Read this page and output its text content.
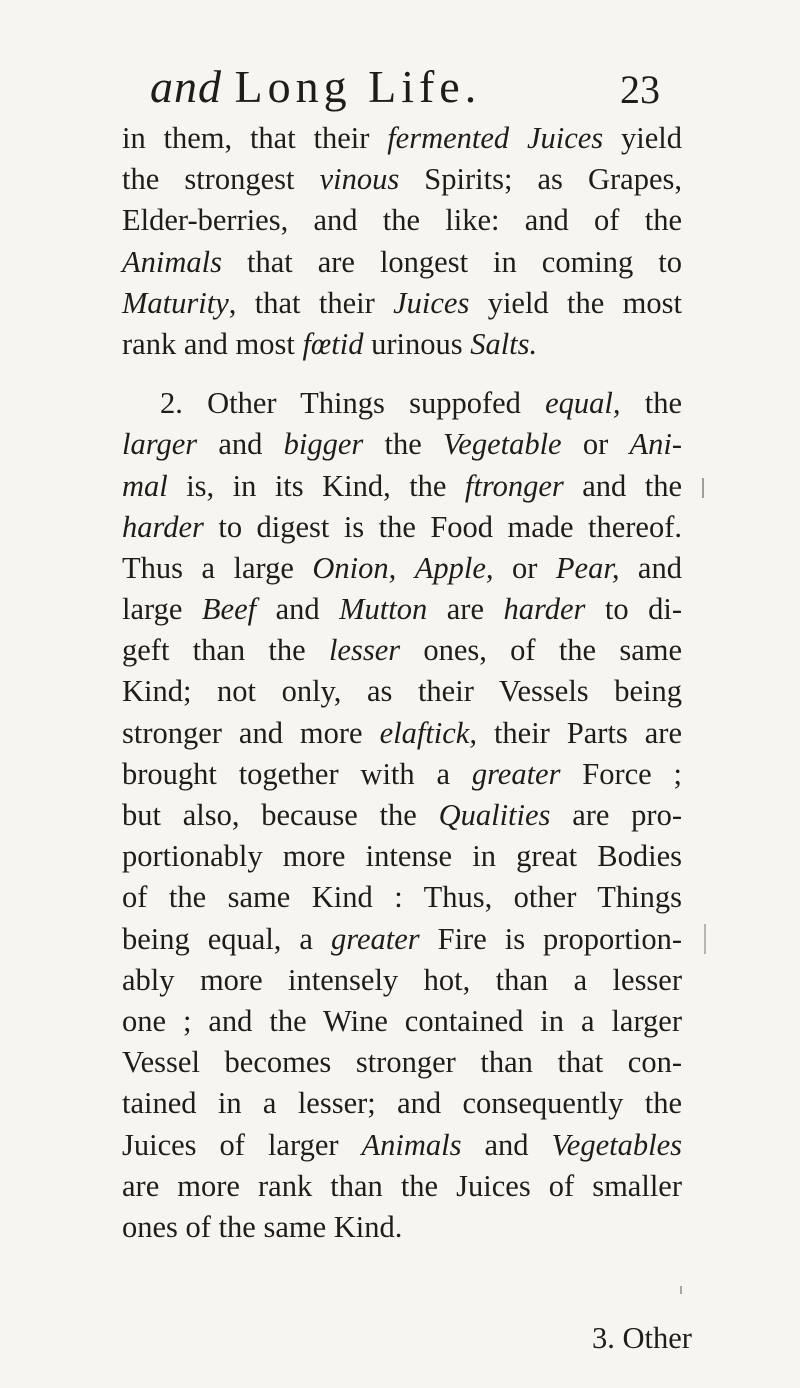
and Long Life.	23
in them, that their fermented Juices yield
the strongest vinous Spirits; as Grapes,
Elder-berries, and the like: and of the
Animals that are longest in coming to
Maturity, that their Juices yield the most
rank and most fœtid urinous Salts.
2. Other Things suppofed equal, the
larger and bigger the Vegetable or Ani-
mal is, in its Kind, the ftronger and the
harder to digest is the Food made thereof.
Thus a large Onion, Apple, or Pear, and
large Beef and Mutton are harder to di-
geft than the lesser ones, of the same
Kind; not only, as their Vessels being
stronger and more elaftick, their Parts are
brought together with a greater Force ;
but also, because the Qualities are pro-
portionably more intense in great Bodies
of the same Kind : Thus, other Things
being equal, a greater Fire is proportion-
ably more intensely hot, than a lesser
one ; and the Wine contained in a larger
Vessel becomes stronger than that con-
tained in a lesser; and consequently the
Juices of larger Animals and Vegetables
are more rank than the Juices of smaller
ones of the same Kind.
3. Other
